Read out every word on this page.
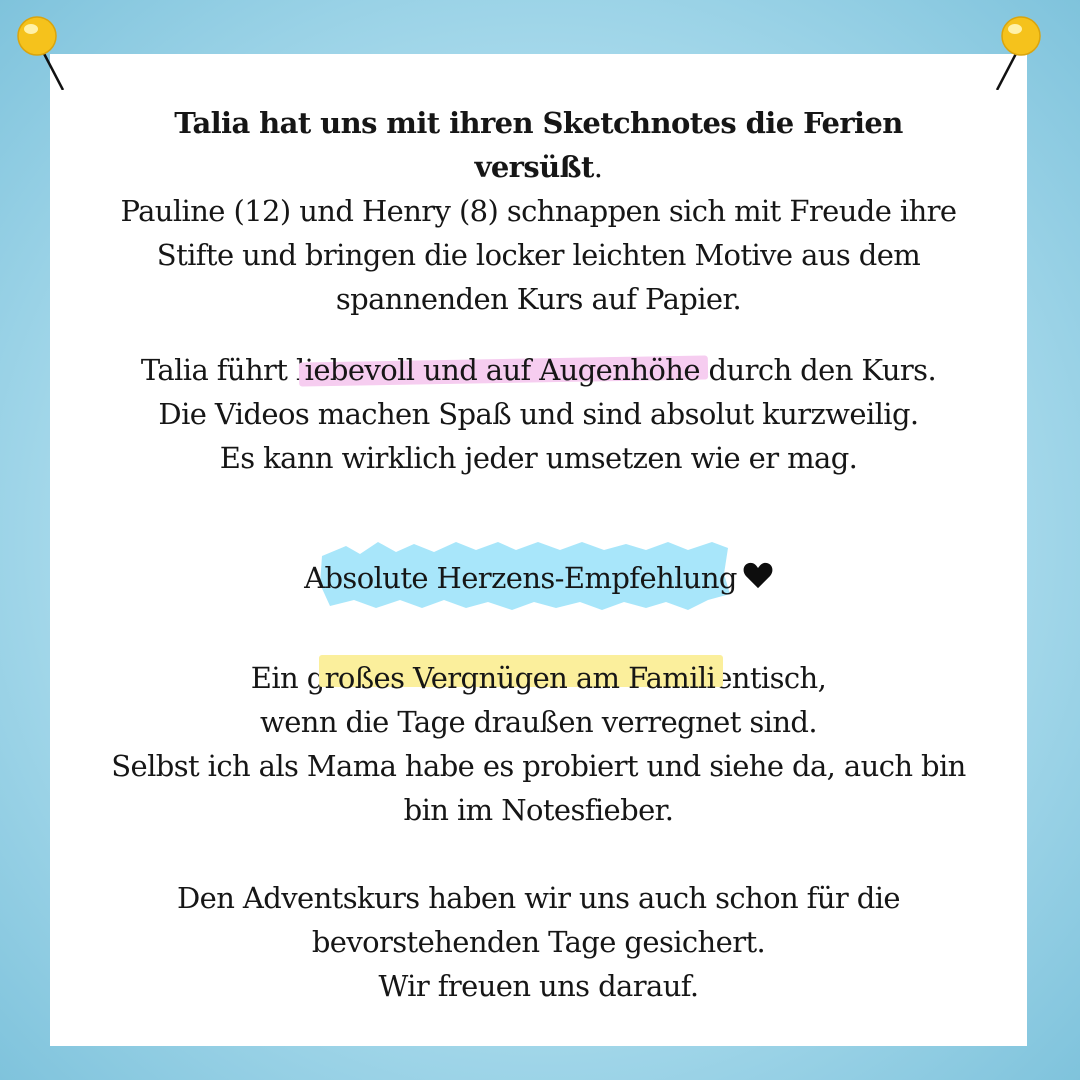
Talia hat uns mit ihren Sketchnotes die Ferien
versüßt.
Pauline (12) und Henry (8) schnappen sich mit Freude ihre
Stifte und bringen die locker leichten Motive aus dem
spannenden Kurs auf Papier.

Talia führt liebevoll und auf Augenhöhe durch den Kurs.
Die Videos machen Spaß und sind absolut kurzweilig.
Es kann wirklich jeder umsetzen wie er mag.

Absolute Herzens-Empfehlung

Ein großes Vergnügen am Familientisch,
wenn die Tage draußen verregnet sind.
Selbst ich als Mama habe es probiert und siehe da, auch bin
bin im Notesfieber.

Den Adventskurs haben wir uns auch schon für die
bevorstehenden Tage gesichert.
Wir freuen uns darauf.
